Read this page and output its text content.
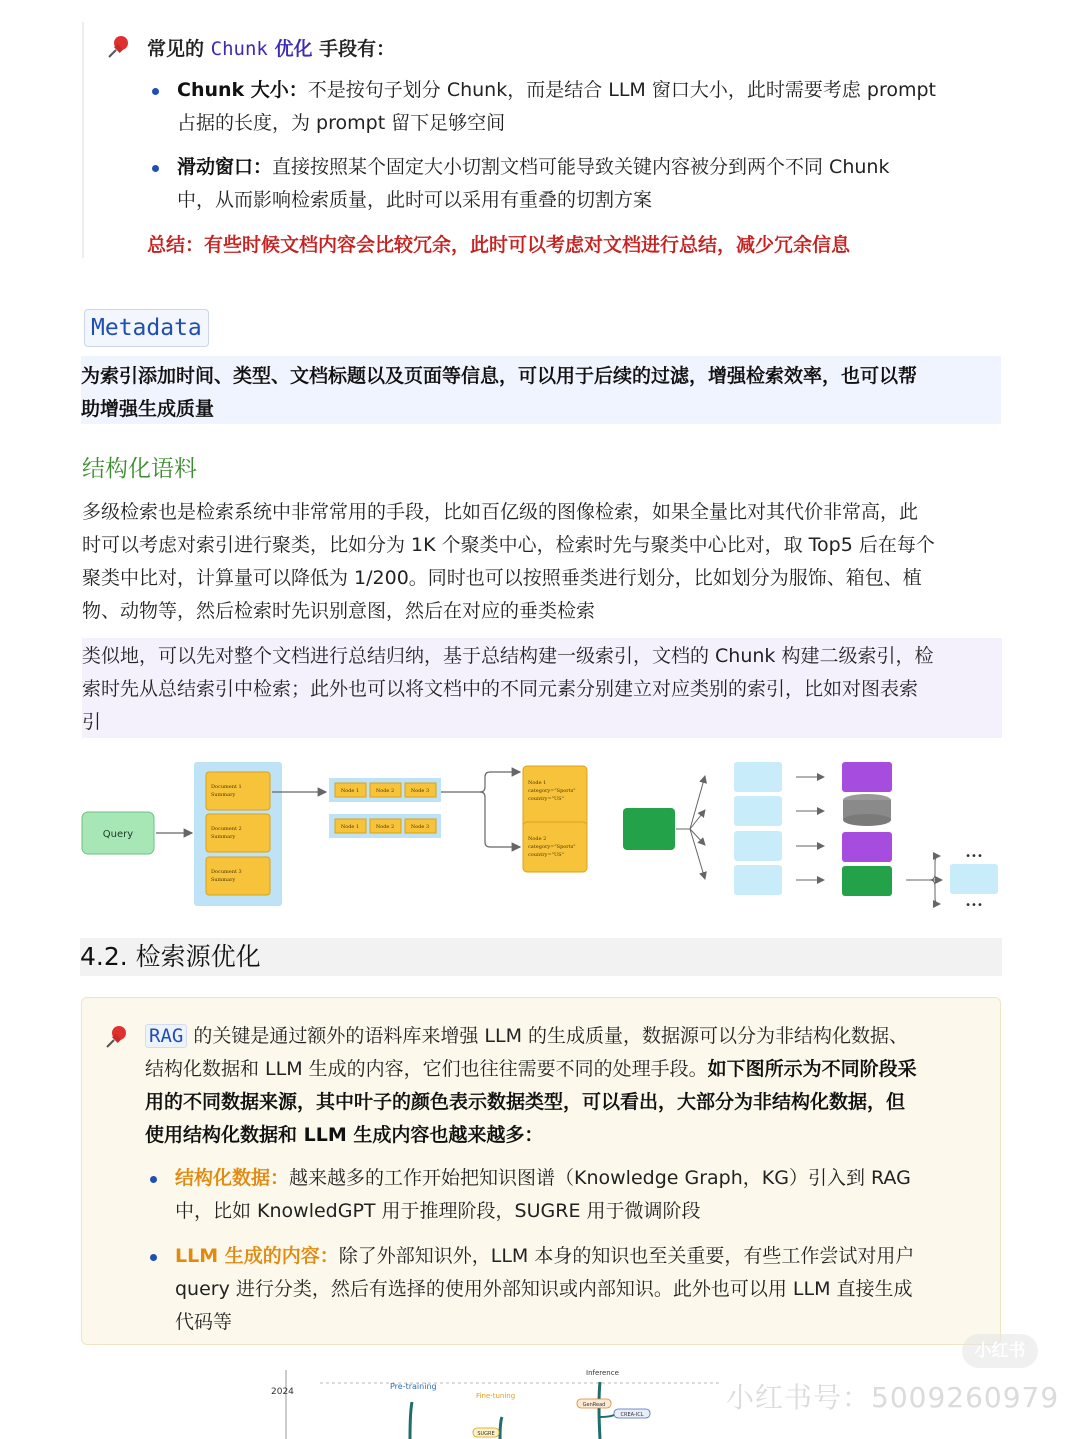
常见的 Chunk 优化 手段有：
Chunk 大小：不是按句子划分 Chunk，而是结合 LLM 窗口大小，此时需要考虑 prompt
占据的长度，为 prompt 留下足够空间
滑动窗口：直接按照某个固定大小切割文档可能导致关键内容被分到两个不同 Chunk
中，从而影响检索质量，此时可以采用有重叠的切割方案
总结：有些时候文档内容会比较冗余，此时可以考虑对文档进行总结，减少冗余信息
Metadata
为索引添加时间、类型、文档标题以及页面等信息，可以用于后续的过滤，增强检索效率，也可以帮
助增强生成质量
结构化语料
多级检索也是检索系统中非常常用的手段，比如百亿级的图像检索，如果全量比对其代价非常高，此
时可以考虑对索引进行聚类，比如分为 1K 个聚类中心，检索时先与聚类中心比对，取 Top5 后在每个
聚类中比对，计算量可以降低为 1/200。同时也可以按照垂类进行划分，比如划分为服饰、箱包、植
物、动物等，然后检索时先识别意图，然后在对应的垂类检索
类似地，可以先对整个文档进行总结归纳，基于总结构建一级索引，文档的 Chunk 构建二级索引，检
索时先从总结索引中检索；此外也可以将文档中的不同元素分别建立对应类别的索引，比如对图表索
引
Query
Document 1
Summary
Document 2
Summary
Document 3
Summary
Node 1	Node 2	Node 3
Node 1	Node 2	Node 3
Node 1
category="Sports"
country="US"
Node 2
category="Sports"
country="US"	•••
•••
4.2. 检索源优化
RAG 的关键是通过额外的语料库来增强 LLM 的生成质量，数据源可以分为非结构化数据、
结构化数据和 LLM 生成的内容，它们也往往需要不同的处理手段。如下图所示为不同阶段采
用的不同数据来源，其中叶子的颜色表示数据类型，可以看出，大部分为非结构化数据，但
使用结构化数据和 LLM 生成内容也越来越多：
结构化数据：越来越多的工作开始把知识图谱（Knowledge Graph，KG）引入到 RAG
中，比如 KnowledGPT 用于推理阶段，SUGRE 用于微调阶段
LLM 生成的内容：除了外部知识外，LLM 本身的知识也至关重要，有些工作尝试对用户
query 进行分类，然后有选择的使用外部知识或内部知识。此外也可以用 LLM 直接生成
代码等
2024
Pre-training
Fine-tuning
Inference
GenRead
CREA-ICL
SUGRE
小红书
小红书号：5009260979
